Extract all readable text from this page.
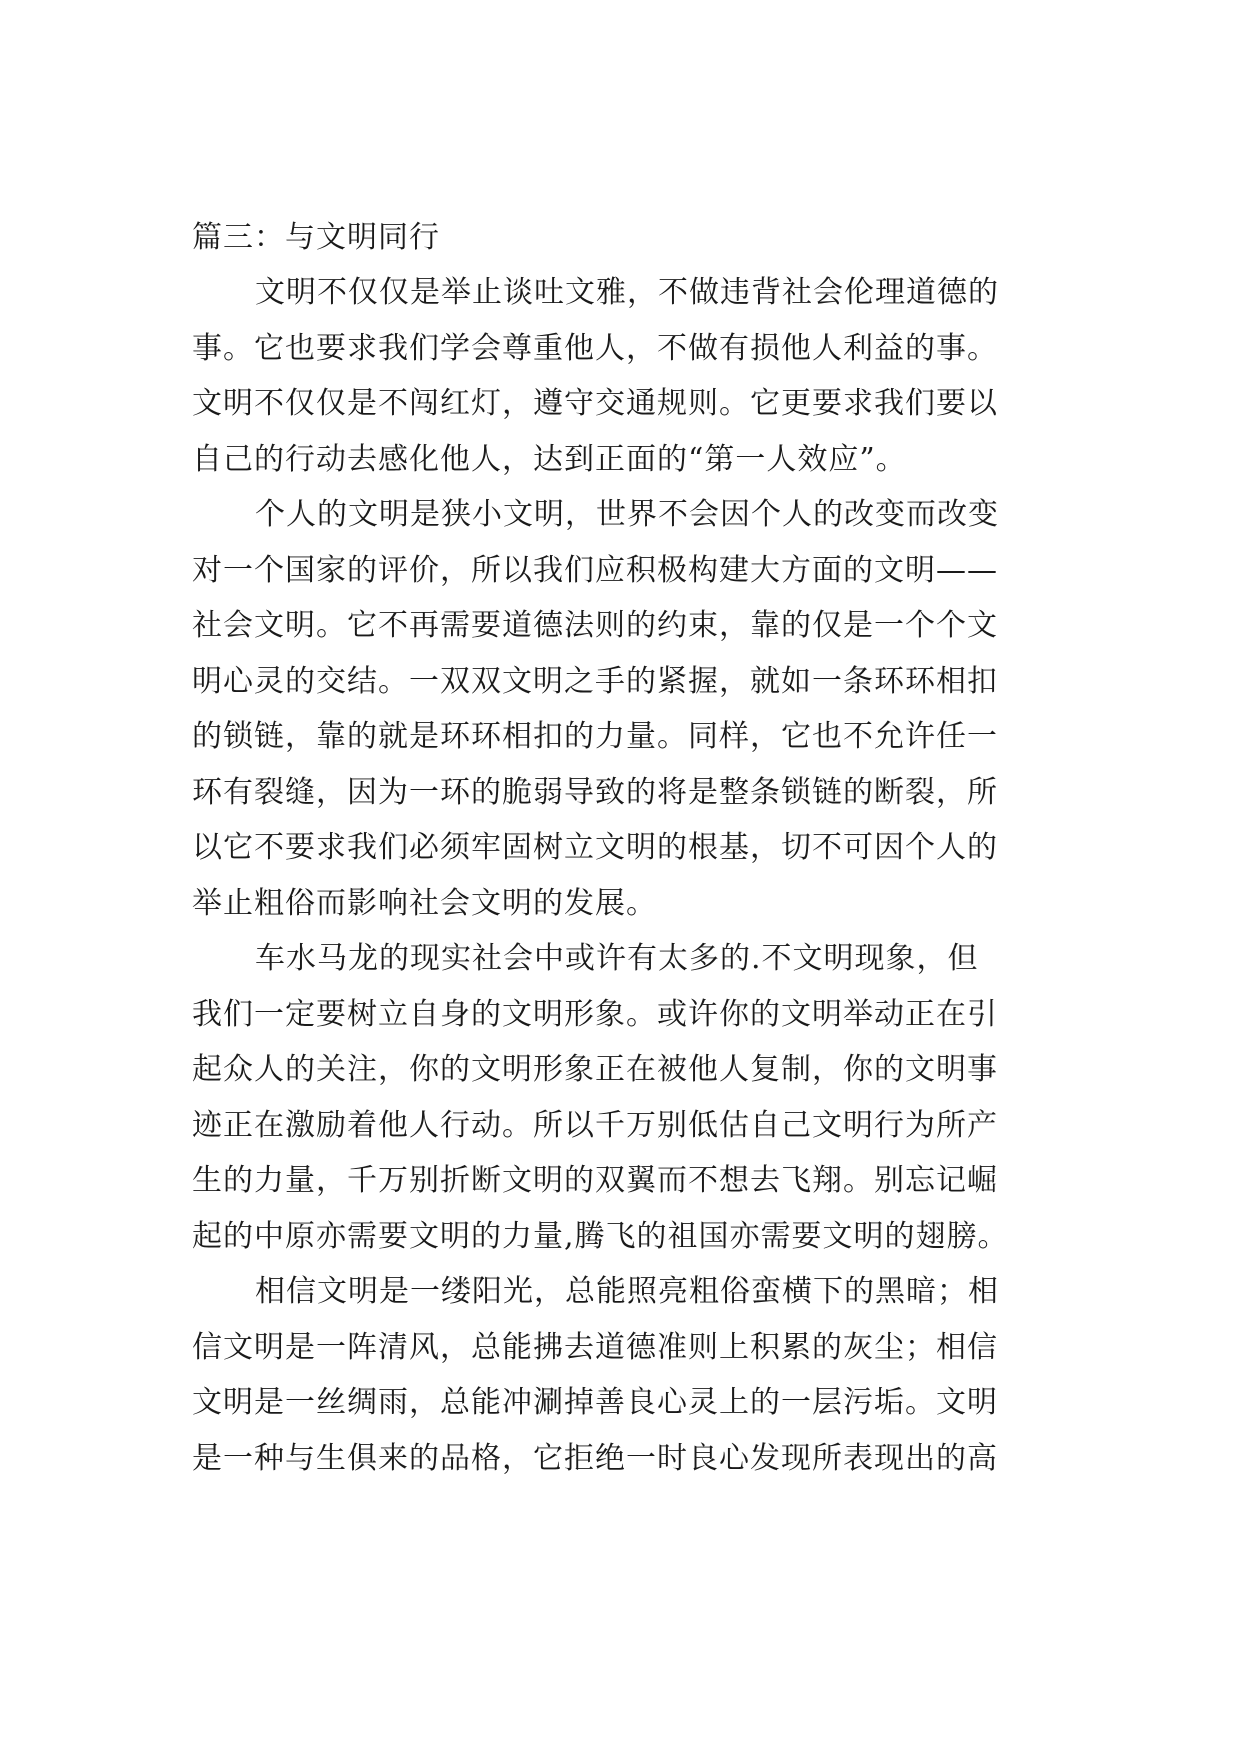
篇三：与文明同行
文明不仅仅是举止谈吐文雅，不做违背社会伦理道德的
事。它也要求我们学会尊重他人，不做有损他人利益的事。
文明不仅仅是不闯红灯，遵守交通规则。它更要求我们要以
自己的行动去感化他人，达到正面的“第一人效应”。
个人的文明是狭小文明，世界不会因个人的改变而改变
对一个国家的评价，所以我们应积极构建大方面的文明——
社会文明。它不再需要道德法则的约束，靠的仅是一个个文
明心灵的交结。一双双文明之手的紧握，就如一条环环相扣
的锁链，靠的就是环环相扣的力量。同样，它也不允许任一
环有裂缝，因为一环的脆弱导致的将是整条锁链的断裂，所
以它不要求我们必须牢固树立文明的根基，切不可因个人的
举止粗俗而影响社会文明的发展。
车水马龙的现实社会中或许有太多的.不文明现象，但
我们一定要树立自身的文明形象。或许你的文明举动正在引
起众人的关注，你的文明形象正在被他人复制，你的文明事
迹正在激励着他人行动。所以千万别低估自己文明行为所产
生的力量，千万别折断文明的双翼而不想去飞翔。别忘记崛
起的中原亦需要文明的力量,腾飞的祖国亦需要文明的翅膀。
相信文明是一缕阳光，总能照亮粗俗蛮横下的黑暗；相
信文明是一阵清风，总能拂去道德准则上积累的灰尘；相信
文明是一丝绸雨，总能冲涮掉善良心灵上的一层污垢。文明
是一种与生俱来的品格，它拒绝一时良心发现所表现出的高
